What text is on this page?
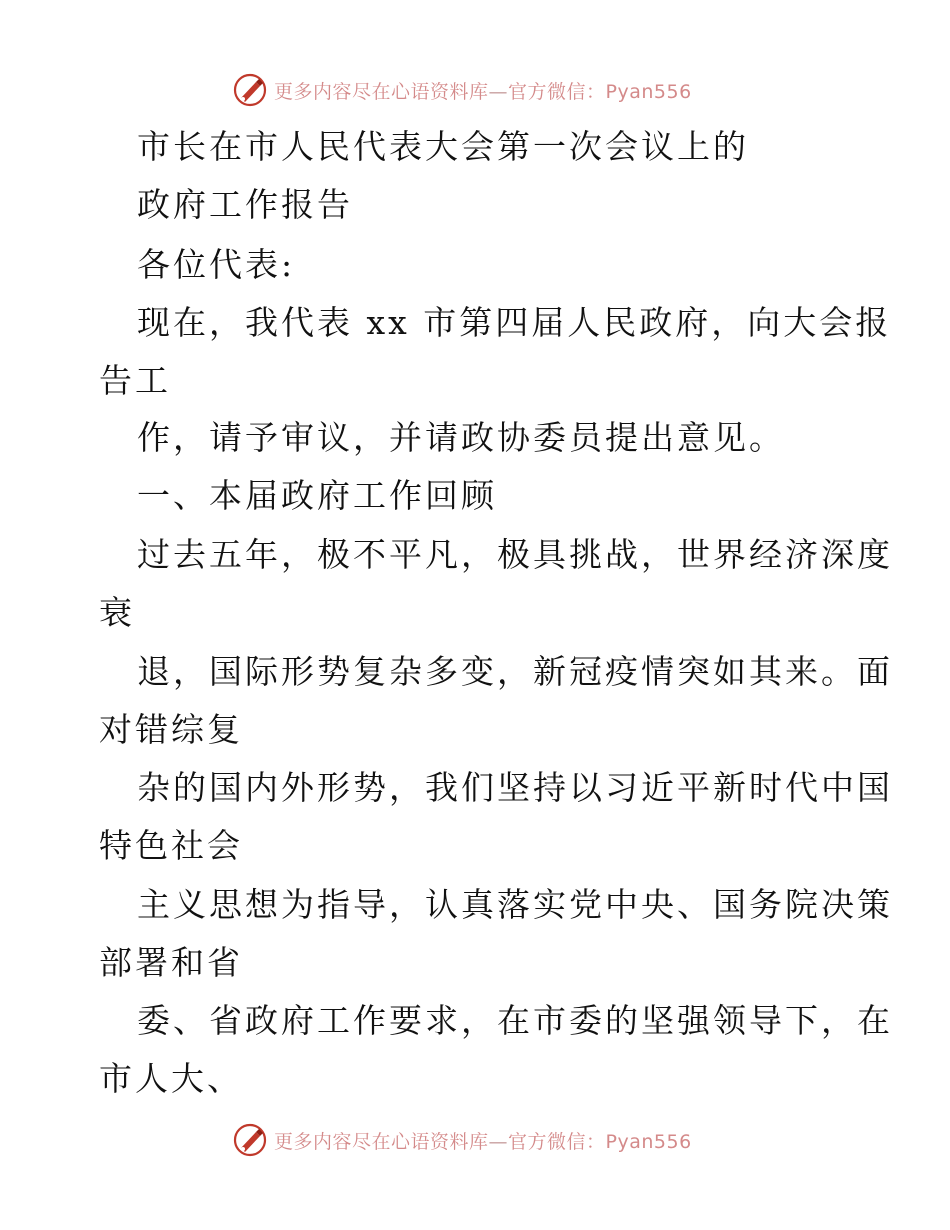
更多内容尽在心语资料库—官方微信：Pyan556
市长在市人民代表大会第一次会议上的
政府工作报告
各位代表:
现在，我代表 xx 市第四届人民政府，向大会报
告工
作，请予审议，并请政协委员提出意见。
一、本届政府工作回顾
过去五年，极不平凡，极具挑战，世界经济深度
衰
退，国际形势复杂多变，新冠疫情突如其来。面
对错综复
杂的国内外形势，我们坚持以习近平新时代中国
特色社会
主义思想为指导，认真落实党中央、国务院决策
部署和省
委、省政府工作要求，在市委的坚强领导下，在
市人大、
更多内容尽在心语资料库—官方微信：Pyan556
